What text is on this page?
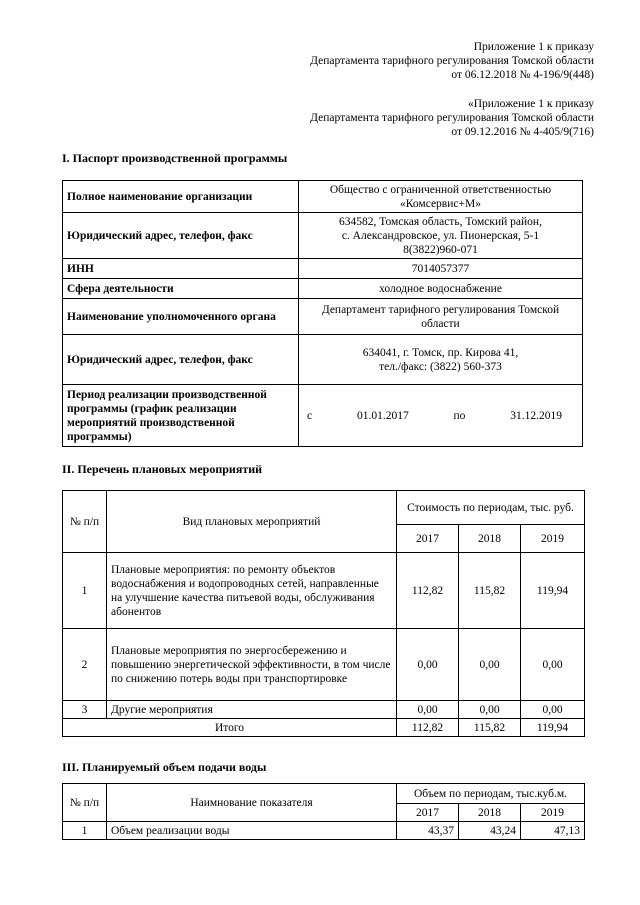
Приложение 1 к приказу
Департамента тарифного регулирования Томской области
от 06.12.2018 № 4-196/9(448)
«Приложение 1 к приказу
Департамента тарифного регулирования Томской области
от 09.12.2016 № 4-405/9(716)
I. Паспорт производственной программы
Полное наименование организации	Общество с ограниченной ответственностью
«Комсервис+М»

Юридический адрес, телефон, факс	634582, Томская область, Томский район,
с. Александровское, ул. Пионерская, 5-1
8(3822)960-071

ИНН	7014057377
Сфера деятельности	холодное водоснабжение
Наименование уполномоченного органа	Департамент тарифного регулирования Томской
области

Юридический адрес, телефон, факс	634041, г. Томск, пр. Кирова 41,
тел./факс: (3822) 560-373

Период реализации производственной программы (график реализации мероприятий производственной программы)	с 01.01.2017 по 31.12.2019
II. Перечень плановых мероприятий
№ п/п	Вид плановых мероприятий	Стоимость по периодам, тыс. руб.		
		2017	2018	2019
1	Плановые мероприятия: по ремонту объектов водоснабжения и водопроводных сетей, направленные на улучшение качества питьевой воды, обслуживания абонентов	112,82	115,82	119,94
2	Плановые мероприятия по энергосбережению и повышению энергетической эффективности, в том числе по снижению потерь воды при транспортировке	0,00	0,00	0,00
3	Другие мероприятия	0,00	0,00	0,00
Итого		112,82	115,82	119,94
III. Планируемый объем подачи воды
№ п/п	Наимнование показателя	Объем по периодам, тыс.куб.м.		
		2017	2018	2019
1	Объем реализации воды	43,37	43,24	47,13
